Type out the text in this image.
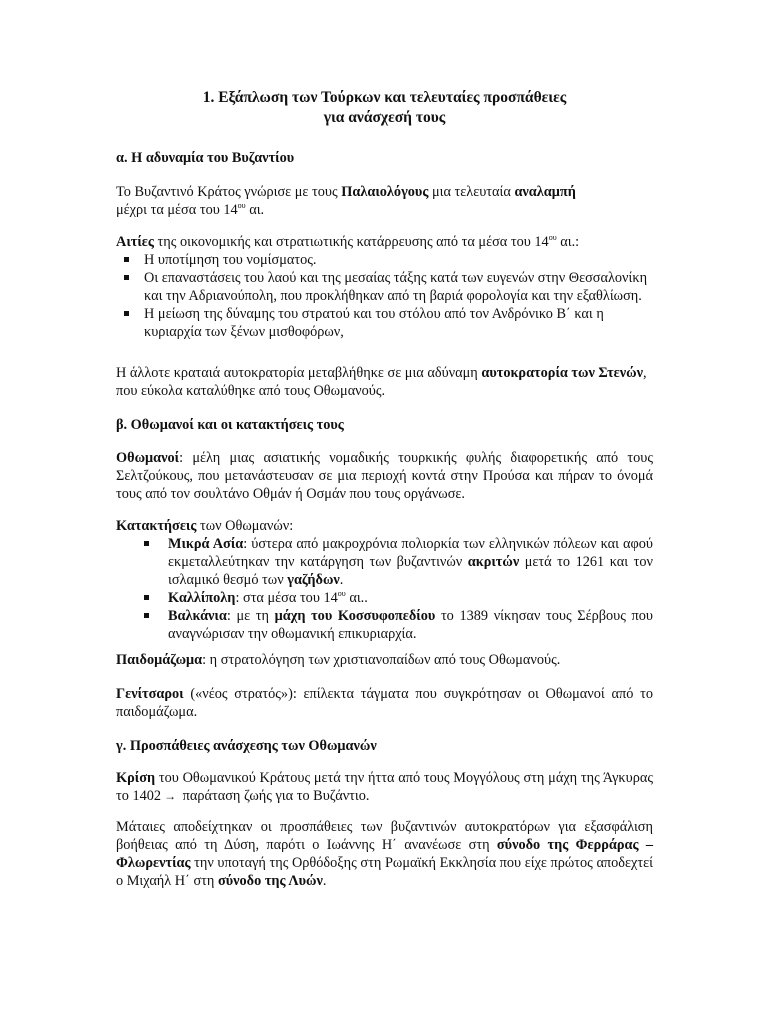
1. Εξάπλωση των Τούρκων και τελευταίες προσπάθειες
για ανάσχεσή τους
α. Η αδυναμία του Βυζαντίου
Το Βυζαντινό Κράτος γνώρισε με τους Παλαιολόγους μια τελευταία αναλαμπή
μέχρι τα μέσα του $14^{o\upsilon}$ αι.
Αιτίες της οικονομικής και στρατιωτικής κατάρρευσης από τα μέσα του $14^{o\upsilon}$ αι.:
Η υποτίμηση του νομίσματος.
Οι επαναστάσεις του λαού και της μεσαίας τάξης κατά των ευγενών στην Θεσσαλονίκη και την Αδριανούπολη, που προκλήθηκαν από τη βαριά φορολογία και την εξαθλίωση.
Η μείωση της δύναμης του στρατού και του στόλου από τον Ανδρόνικο Β΄ και η κυριαρχία των ξένων μισθοφόρων,
Η άλλοτε κραταιά αυτοκρατορία μεταβλήθηκε σε μια αδύναμη αυτοκρατορία των Στενών, που εύκολα καταλύθηκε από τους Οθωμανούς.
β. Οθωμανοί και οι κατακτήσεις τους
Οθωμανοί: μέλη μιας ασιατικής νομαδικής τουρκικής φυλής διαφορετικής από τους Σελτζούκους, που μετανάστευσαν σε μια περιοχή κοντά στην Προύσα και πήραν το όνομά τους από τον σουλτάνο Οθμάν ή Οσμάν που τους οργάνωσε.
Κατακτήσεις των Οθωμανών:
Μικρά Ασία: ύστερα από μακροχρόνια πολιορκία των ελληνικών πόλεων και αφού εκμεταλλεύτηκαν την κατάργηση των βυζαντινών ακριτών μετά το 1261 και τον ισλαμικό θεσμό των γαζήδων.
Καλλίπολη: στα μέσα του $14^{o\upsilon}$ αι..
Βαλκάνια: με τη μάχη του Κοσσυφοπεδίου το 1389 νίκησαν τους Σέρβους που αναγνώρισαν την οθωμανική επικυριαρχία.
Παιδομάζωμα: η στρατολόγηση των χριστιανοπαίδων από τους Οθωμανούς.
Γενίτσαροι («νέος στρατός»): επίλεκτα τάγματα που συγκρότησαν οι Οθωμανοί από το παιδομάζωμα.
γ. Προσπάθειες ανάσχεσης των Οθωμανών
Κρίση του Οθωμανικού Κράτους μετά την ήττα από τους Μογγόλους στη μάχη της Άγκυρας το 1402 → παράταση ζωής για το Βυζάντιο.
Μάταιες αποδείχτηκαν οι προσπάθειες των βυζαντινών αυτοκρατόρων για εξασφάλιση βοήθειας από τη Δύση, παρότι ο Ιωάννης Η΄ ανανέωσε στη σύνοδο της Φερράρας – Φλωρεντίας την υποταγή της Ορθόδοξης στη Ρωμαϊκή Εκκλησία που είχε πρώτος αποδεχτεί ο Μιχαήλ Η΄ στη σύνοδο της Λυών.
